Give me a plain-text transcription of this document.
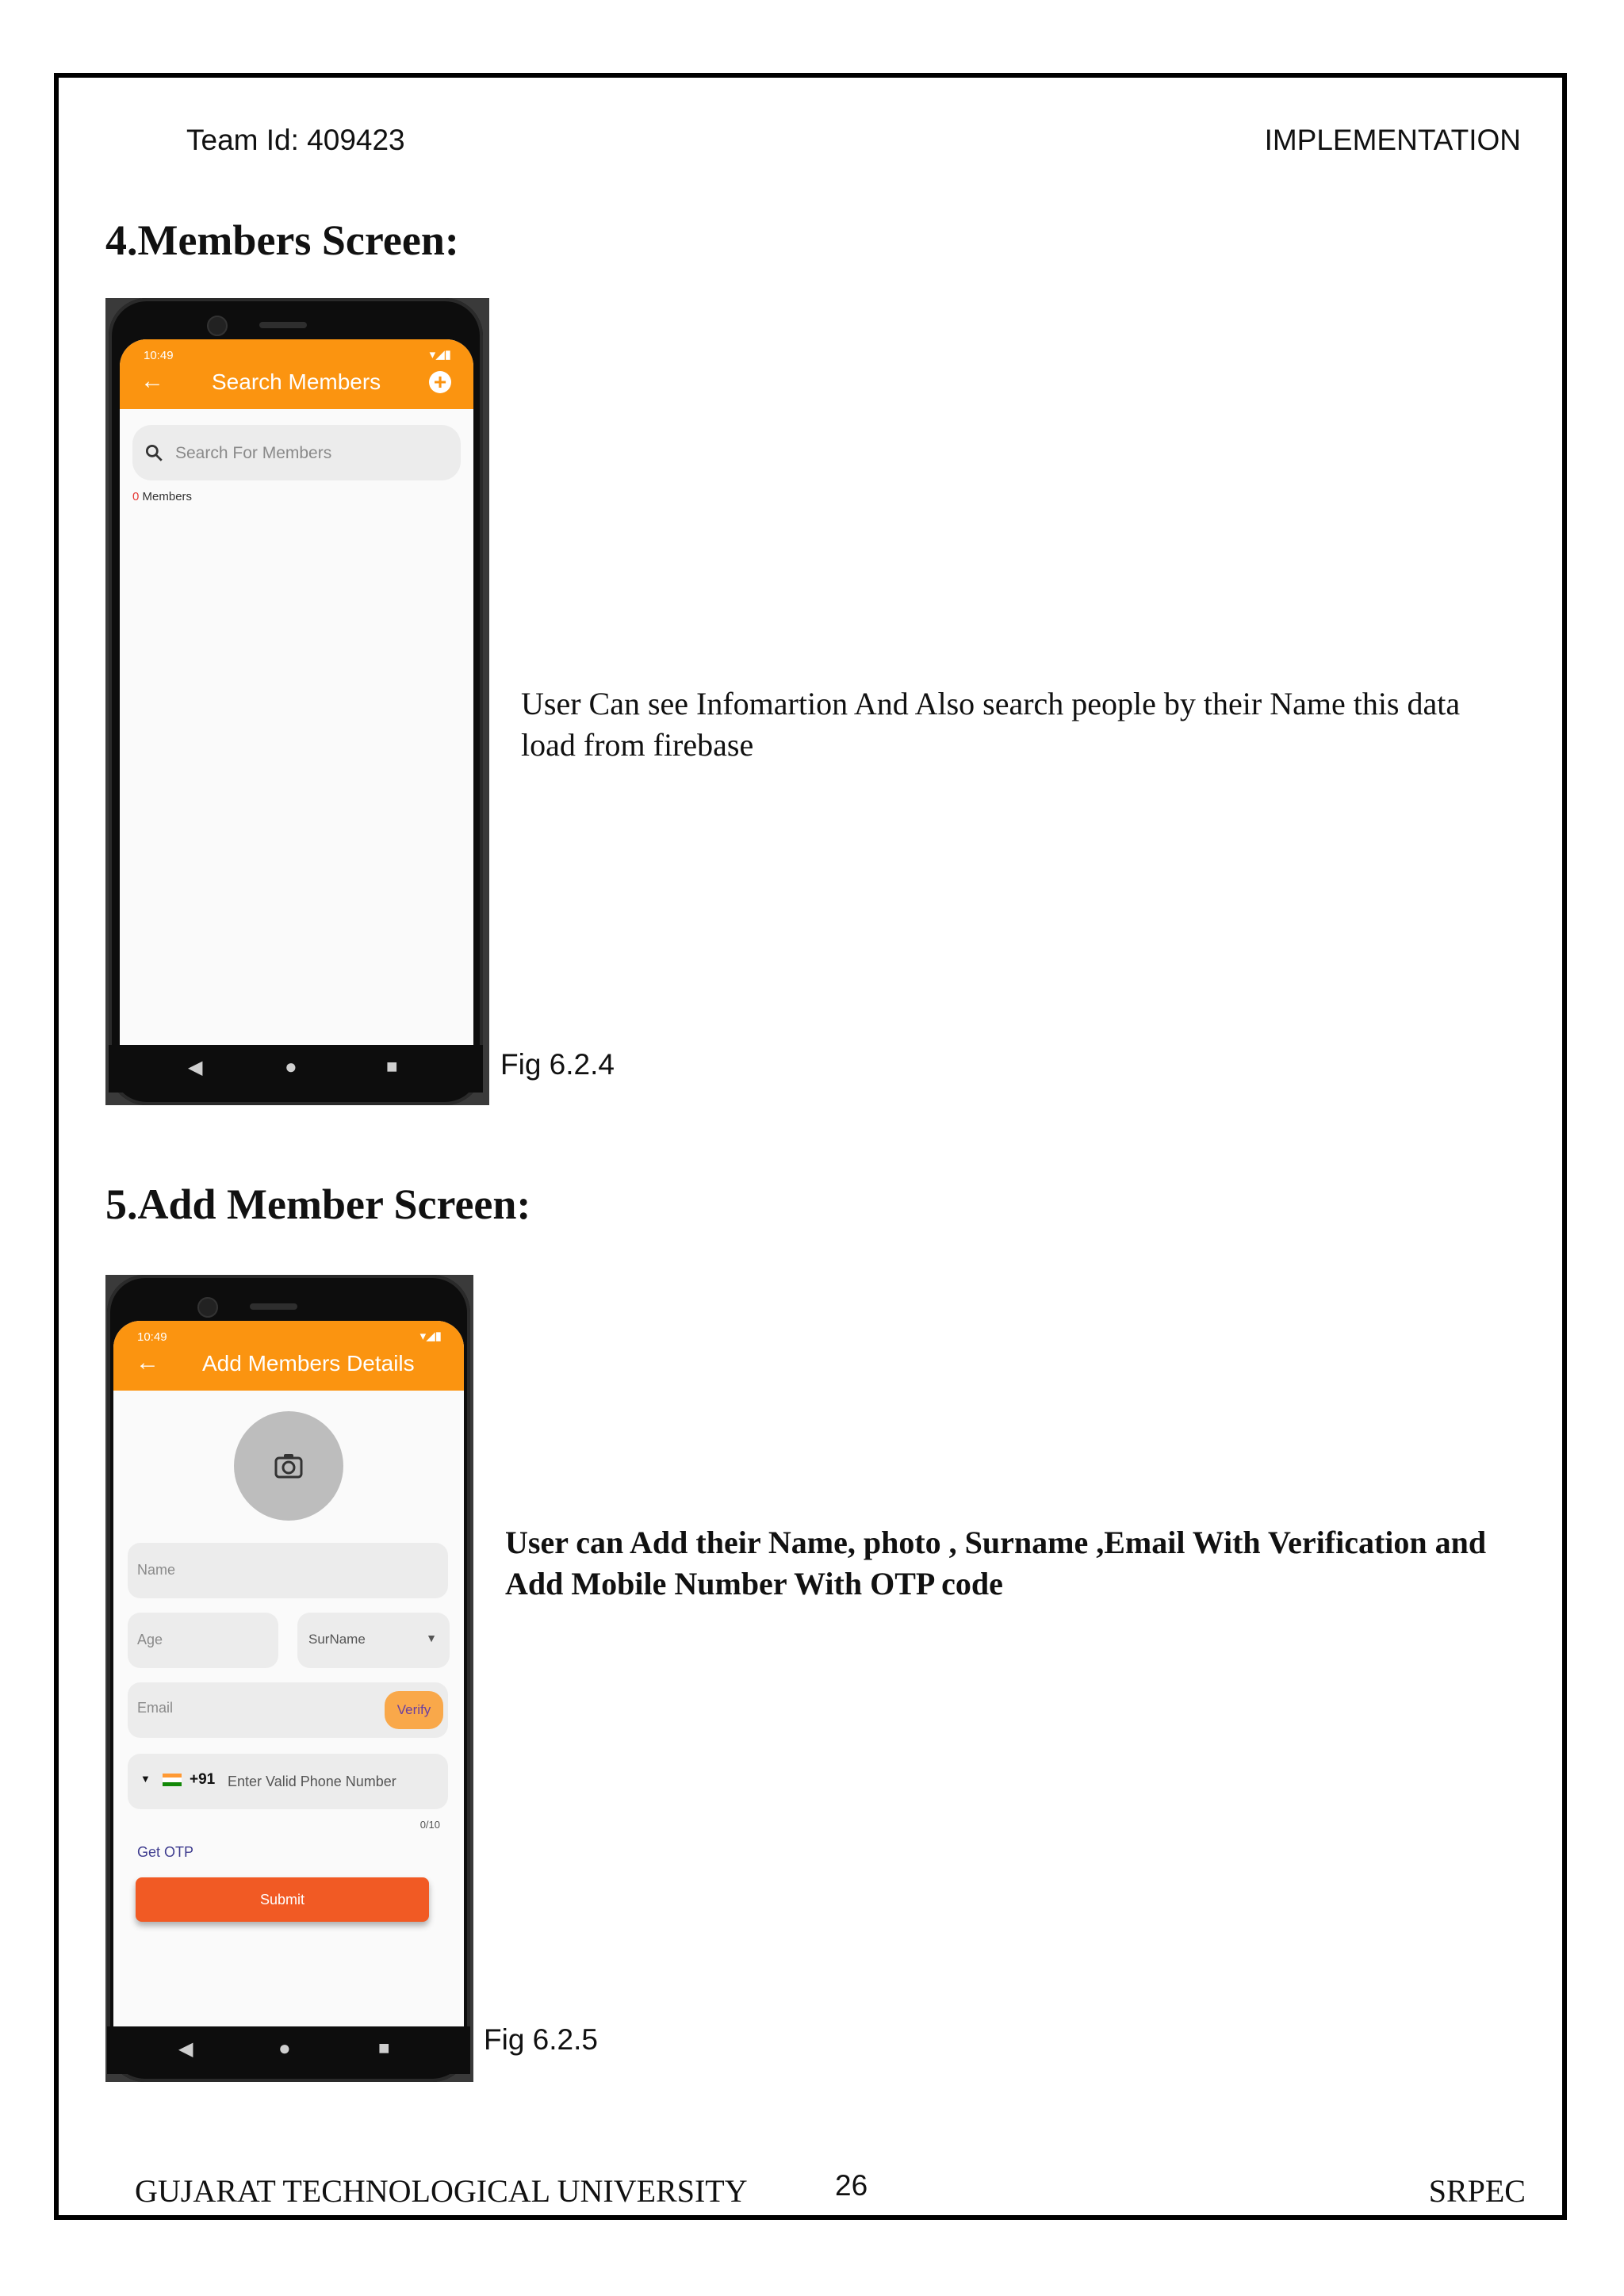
Team Id: 409423	IMPLEMENTATION
4.Members Screen:
10:49	▾◢▮
← Search Members +
Search For Members
0 Members
◀	●	■
User Can see Infomartion And Also search people by their Name this data load from firebase
Fig 6.2.4
5.Add Member Screen:
10:49	▾◢▮
← Add Members Details
Name
Age	SurName	▼
Email	Verify
▼	+91 Enter Valid Phone Number
0/10
Get OTP
Submit
◀	●	■
User can Add their Name, photo , Surname ,Email With Verification and Add Mobile Number With OTP code
Fig 6.2.5
GUJARAT TECHNOLOGICAL UNIVERSITY	26	SRPEC
